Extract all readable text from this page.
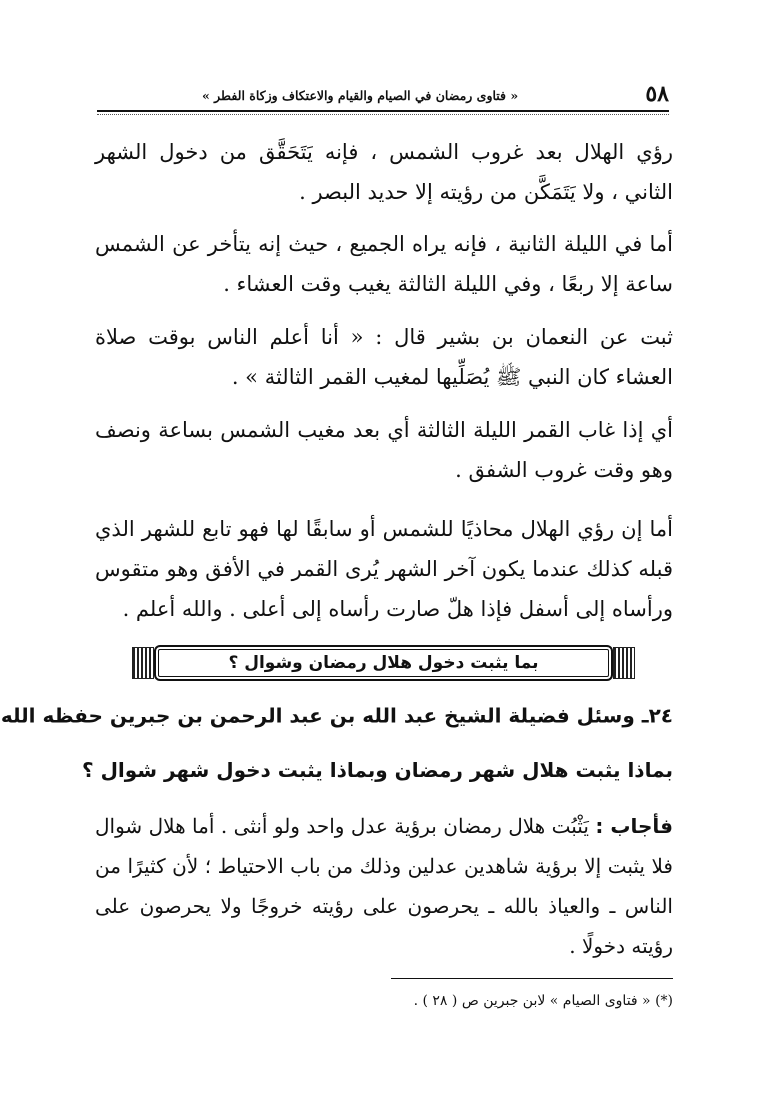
٥٨
« فتاوى رمضان في الصيام والقيام والاعتكاف وزكاة الفطر »

رؤي الهلال بعد غروب الشمس ، فإنه يَتَحَقَّق من دخول الشهر الثاني ، ولا يَتَمَكَّن من رؤيته إلا حديد البصر .

أما في الليلة الثانية ، فإنه يراه الجميع ، حيث إنه يتأخر عن الشمس ساعة إلا ربعًا ، وفي الليلة الثالثة يغيب وقت العشاء .

ثبت عن النعمان بن بشير قال : « أنا أعلم الناس بوقت صلاة العشاء كان النبي ﷺ يُصَلِّيها لمغيب القمر الثالثة » .

أي إذا غاب القمر الليلة الثالثة أي بعد مغيب الشمس بساعة ونصف وهو وقت غروب الشفق .

أما إن رؤي الهلال محاذيًا للشمس أو سابقًا لها فهو تابع للشهر الذي قبله كذلك عندما يكون آخر الشهر يُرى القمر في الأفق وهو متقوس ورأساه إلى أسفل فإذا هلّ صارت رأساه إلى أعلى . والله أعلم .

بما يثبت دخول هلال رمضان وشوال ؟
٢٤ـ وسئل فضيلة الشيخ عبد الله بن عبد الرحمن بن جبرين حفظه الله
بماذا يثبت هلال شهر رمضان وبماذا يثبت دخول شهر شوال ؟

فأجاب : يَثْبُت هلال رمضان برؤية عدل واحد ولو أنثى . أما هلال شوال فلا يثبت إلا برؤية شاهدين عدلين وذلك من باب الاحتياط ؛ لأن كثيرًا من الناس ـ والعياذ بالله ـ يحرصون على رؤيته خروجًا ولا يحرصون على رؤيته دخولًا .

(*) « فتاوى الصيام » لابن جبرين ص ( ٢٨ ) .
